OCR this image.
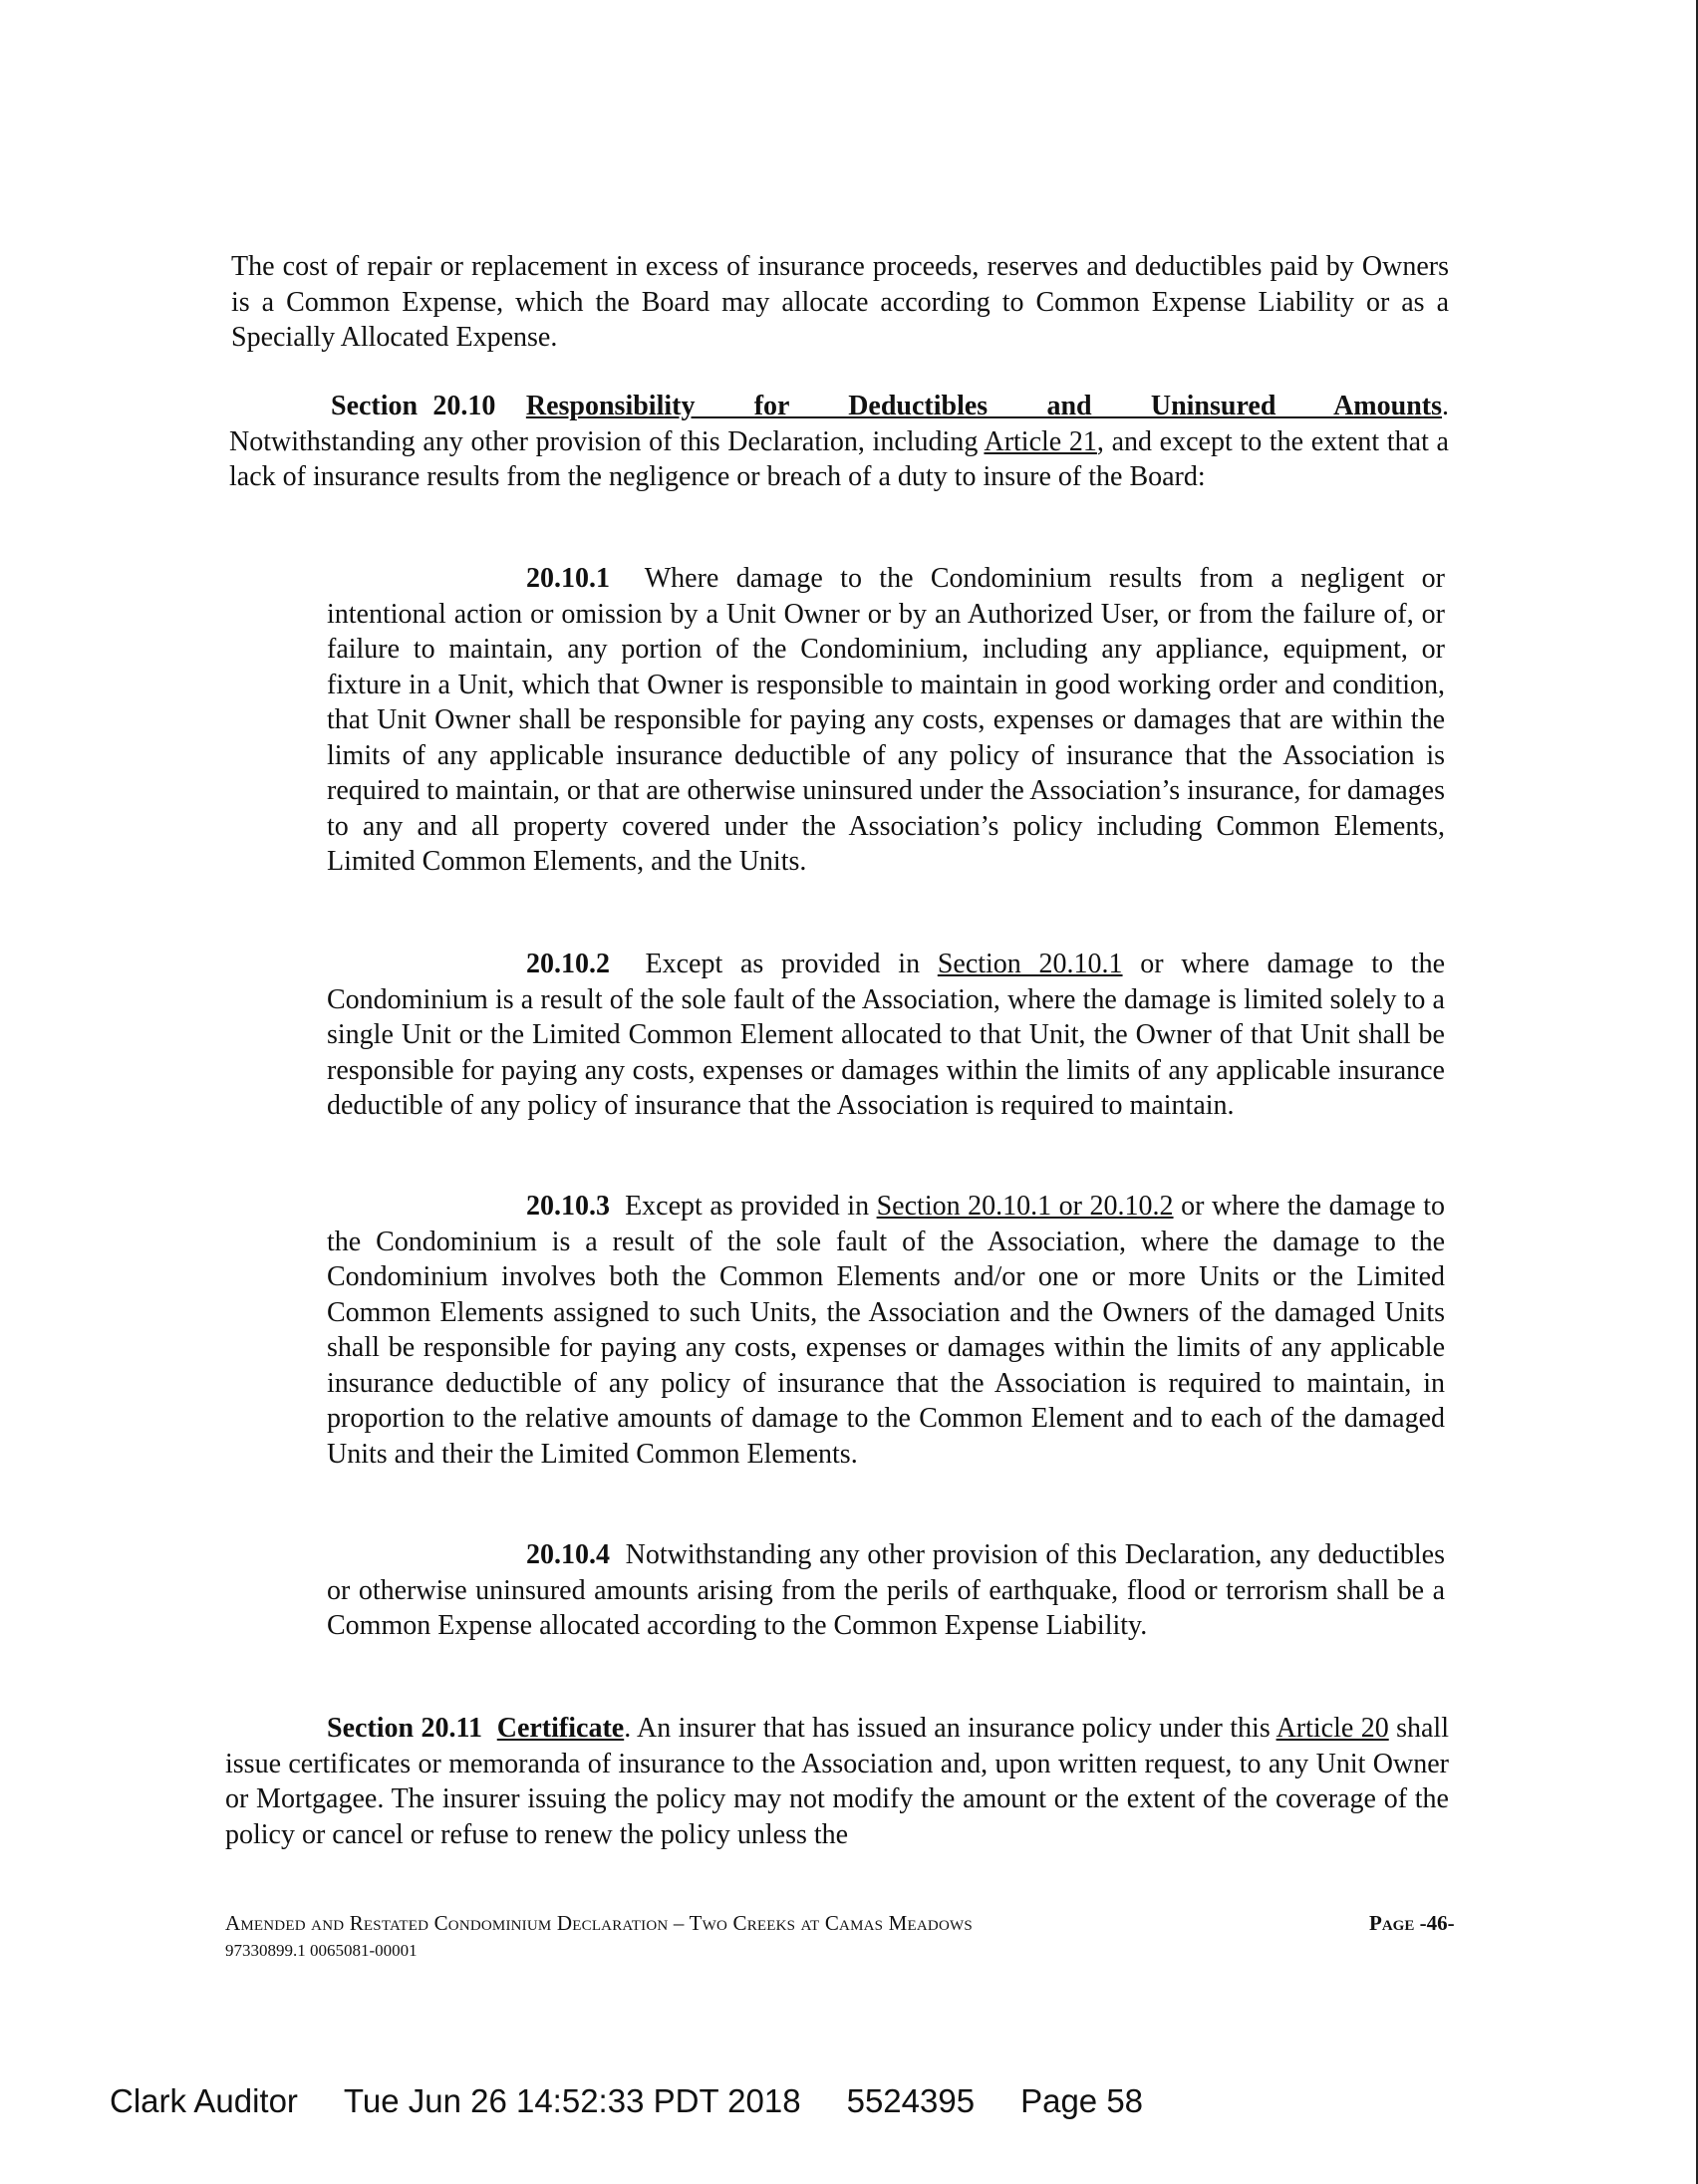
The cost of repair or replacement in excess of insurance proceeds, reserves and deductibles paid by Owners is a Common Expense, which the Board may allocate according to Common Expense Liability or as a Specially Allocated Expense.

Section 20.10 Responsibility for Deductibles and Uninsured Amounts. Notwithstanding any other provision of this Declaration, including Article 21, and except to the extent that a lack of insurance results from the negligence or breach of a duty to insure of the Board:

20.10.1 Where damage to the Condominium results from a negligent or intentional action or omission by a Unit Owner or by an Authorized User, or from the failure of, or failure to maintain, any portion of the Condominium, including any appliance, equipment, or fixture in a Unit, which that Owner is responsible to maintain in good working order and condition, that Unit Owner shall be responsible for paying any costs, expenses or damages that are within the limits of any applicable insurance deductible of any policy of insurance that the Association is required to maintain, or that are otherwise uninsured under the Association’s insurance, for damages to any and all property covered under the Association’s policy including Common Elements, Limited Common Elements, and the Units.

20.10.2 Except as provided in Section 20.10.1 or where damage to the Condominium is a result of the sole fault of the Association, where the damage is limited solely to a single Unit or the Limited Common Element allocated to that Unit, the Owner of that Unit shall be responsible for paying any costs, expenses or damages within the limits of any applicable insurance deductible of any policy of insurance that the Association is required to maintain.

20.10.3 Except as provided in Section 20.10.1 or 20.10.2 or where the damage to the Condominium is a result of the sole fault of the Association, where the damage to the Condominium involves both the Common Elements and/or one or more Units or the Limited Common Elements assigned to such Units, the Association and the Owners of the damaged Units shall be responsible for paying any costs, expenses or damages within the limits of any applicable insurance deductible of any policy of insurance that the Association is required to maintain, in proportion to the relative amounts of damage to the Common Element and to each of the damaged Units and their the Limited Common Elements.

20.10.4 Notwithstanding any other provision of this Declaration, any deductibles or otherwise uninsured amounts arising from the perils of earthquake, flood or terrorism shall be a Common Expense allocated according to the Common Expense Liability.

Section 20.11 Certificate. An insurer that has issued an insurance policy under this Article 20 shall issue certificates or memoranda of insurance to the Association and, upon written request, to any Unit Owner or Mortgagee. The insurer issuing the policy may not modify the amount or the extent of the coverage of the policy or cancel or refuse to renew the policy unless the

Amended and Restated Condominium Declaration – Two Creeks at Camas Meadows	Page -46-
97330899.1 0065081-00001
Clark Auditor Tue Jun 26 14:52:33 PDT 2018 5524395 Page 58
